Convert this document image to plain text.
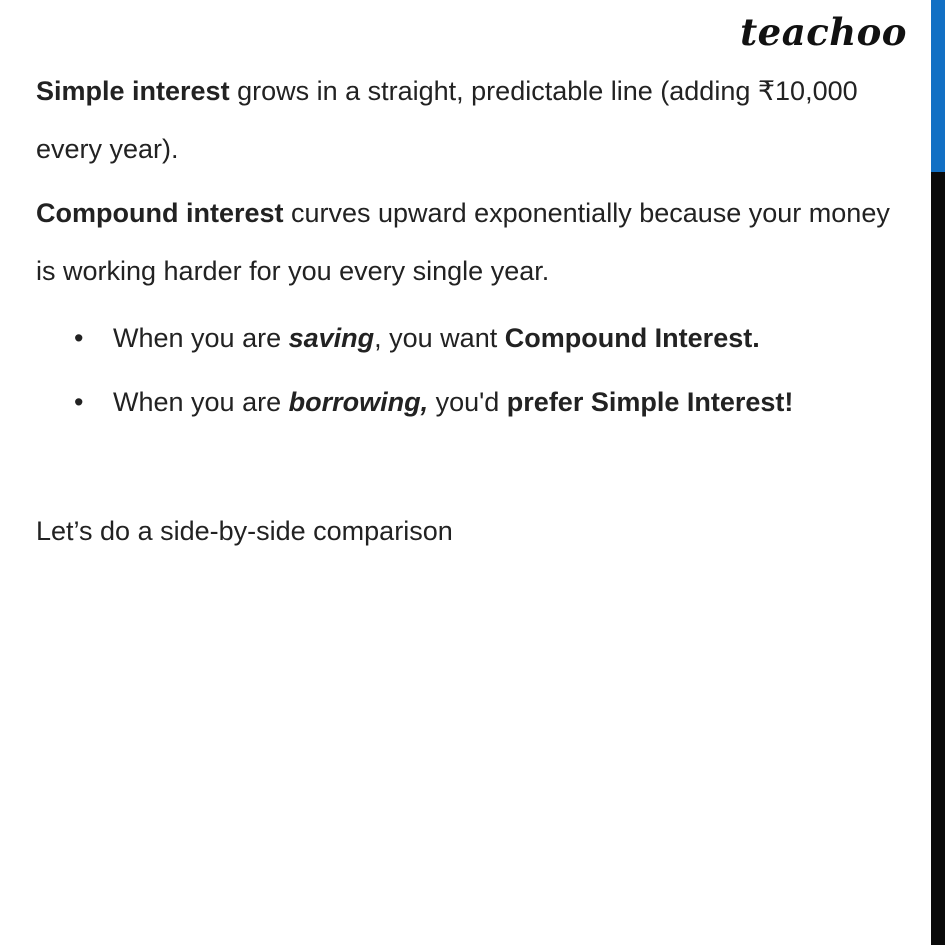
teachoo

Simple interest grows in a straight, predictable line (adding ₹10,000 every year).

Compound interest curves upward exponentially because your money is working harder for you every single year.

• When you are saving, you want Compound Interest.
• When you are borrowing, you'd prefer Simple Interest!

Let’s do a side-by-side comparison
